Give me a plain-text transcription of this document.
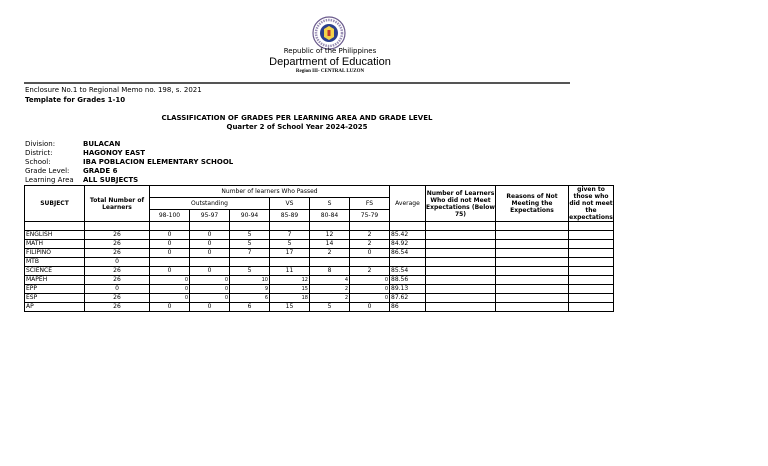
Republic of the Philippines
Department of Education
Region III- CENTRAL LUZON
Enclosure No.1 to Regional Memo no. 198, s. 2021
Template for Grades 1-10
CLASSIFICATION OF GRADES PER LEARNING AREA AND GRADE LEVEL
Quarter 2 of School Year 2024-2025
Division:	BULACAN
District:	HAGONOY EAST
School:	IBA POBLACION ELEMENTARY SCHOOL
Grade Level: GRADE 6
Learning Area ALL SUBJECTS
SUBJECT	Total Number of Learners	Number of learners Who Passed						Average	Number of Learners Who did not Meet Expectations (Below 75)	Reasons of Not Meeting the Expectations	given to those who did not meet the expectations
		Outstanding			VS	S	FS				
		98-100	95-97	90-94	85-89	80-84	75-79				

ENGLISH	26	0	0	5	7	12	2	85.42			
MATH	26	0	0	5	5	14	2	84.92			
FILIPINO	26	0	0	7	17	2	0	86.54			
MTB	0										
SCIENCE	26	0	0	5	11	8	2	85.54			
MAPEH	26	0	0	10	12	4	0	88.56			
EPP	0	0	0	9	15	2	0	89.13			
ESP	26	0	0	6	18	2	0	87.62			
AP	26	0	0	6	15	5	0	86			
